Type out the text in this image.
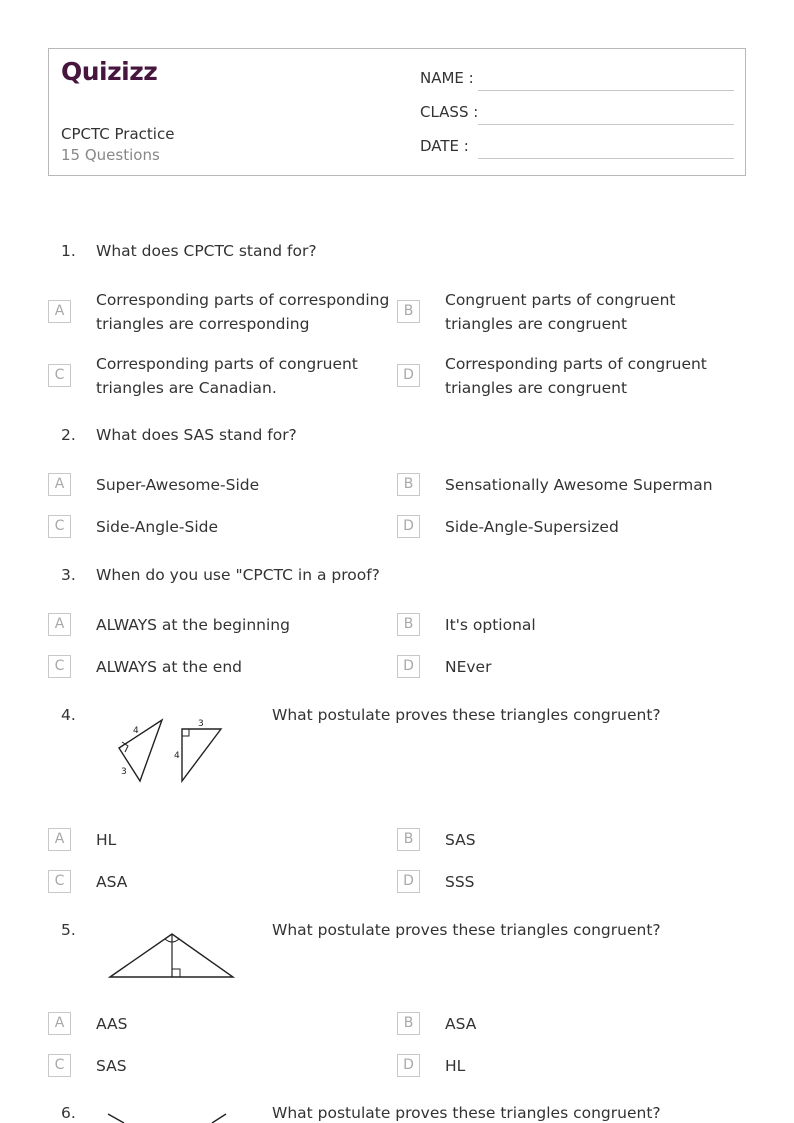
Quizizz
CPCTC Practice
15 Questions
NAME :
CLASS :
DATE :
1. What does CPCTC stand for?
A
Corresponding parts of corresponding triangles are corresponding
B
Congruent parts of congruent triangles are congruent
C
Corresponding parts of congruent triangles are Canadian.
D
Corresponding parts of congruent triangles are congruent
2. What does SAS stand for?
A	Super-Awesome-Side	B	Sensationally Awesome Superman
C	Side-Angle-Side	D	Side-Angle-Supersized
3. When do you use "CPCTC in a proof?
A	ALWAYS at the beginning	B	It's optional
C	ALWAYS at the end	D	NEver
4.
4
3
3
4
What postulate proves these triangles congruent?
A	HL	B	SAS
C	ASA	D	SSS
5.	What postulate proves these triangles congruent?
A	AAS	B	ASA
C	SAS	D	HL
6.	What postulate proves these triangles congruent?
